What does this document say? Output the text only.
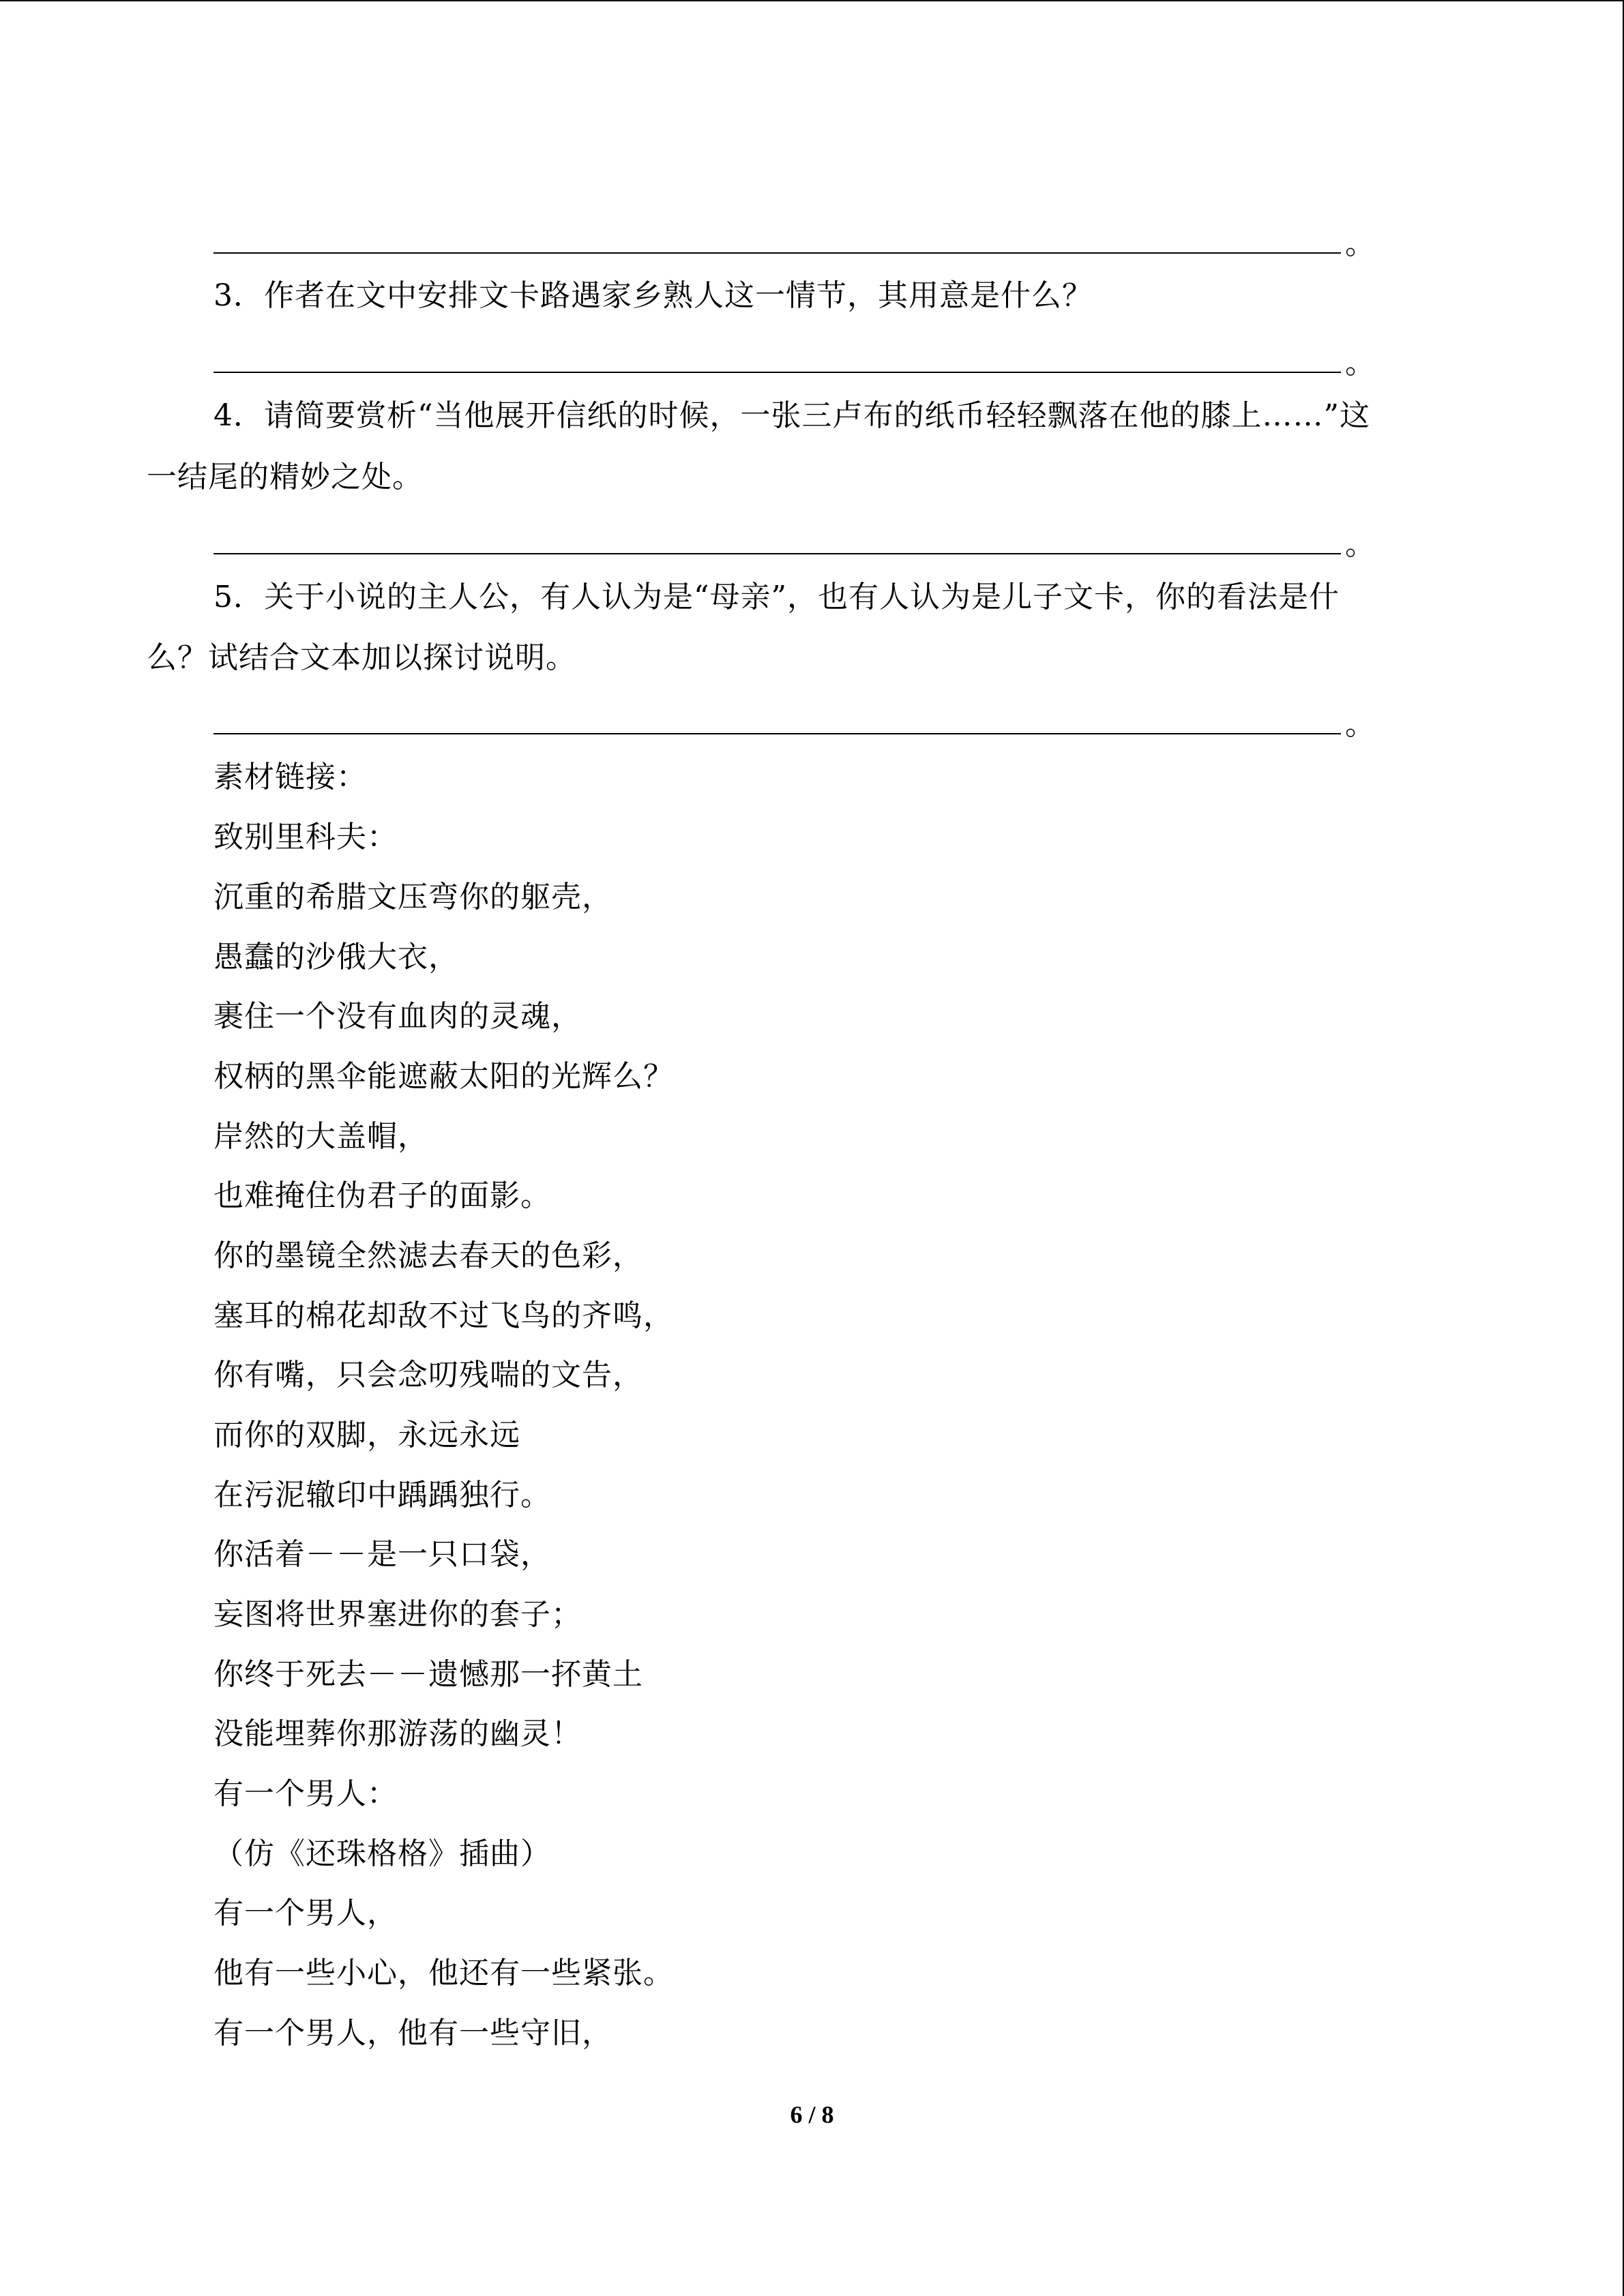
。
3．作者在文中安排文卡路遇家乡熟人这一情节，其用意是什么？
。
4．请简要赏析“当他展开信纸的时候，一张三卢布的纸币轻轻飘落在他的膝上……”这
一结尾的精妙之处。
。
5．关于小说的主人公，有人认为是“母亲”，也有人认为是儿子文卡，你的看法是什
么？试结合文本加以探讨说明。
。
素材链接：
致别里科夫：
沉重的希腊文压弯你的躯壳，
愚蠢的沙俄大衣，
裹住一个没有血肉的灵魂，
权柄的黑伞能遮蔽太阳的光辉么？
岸然的大盖帽，
也难掩住伪君子的面影。
你的墨镜全然滤去春天的色彩，
塞耳的棉花却敌不过飞鸟的齐鸣，
你有嘴，只会念叨残喘的文告，
而你的双脚，永远永远
在污泥辙印中踽踽独行。
你活着－－是一只口袋，
妄图将世界塞进你的套子；
你终于死去－－遗憾那一抔黄土
没能埋葬你那游荡的幽灵！
有一个男人：
（仿《还珠格格》插曲）
有一个男人，
他有一些小心，他还有一些紧张。
有一个男人，他有一些守旧，
6 / 8
